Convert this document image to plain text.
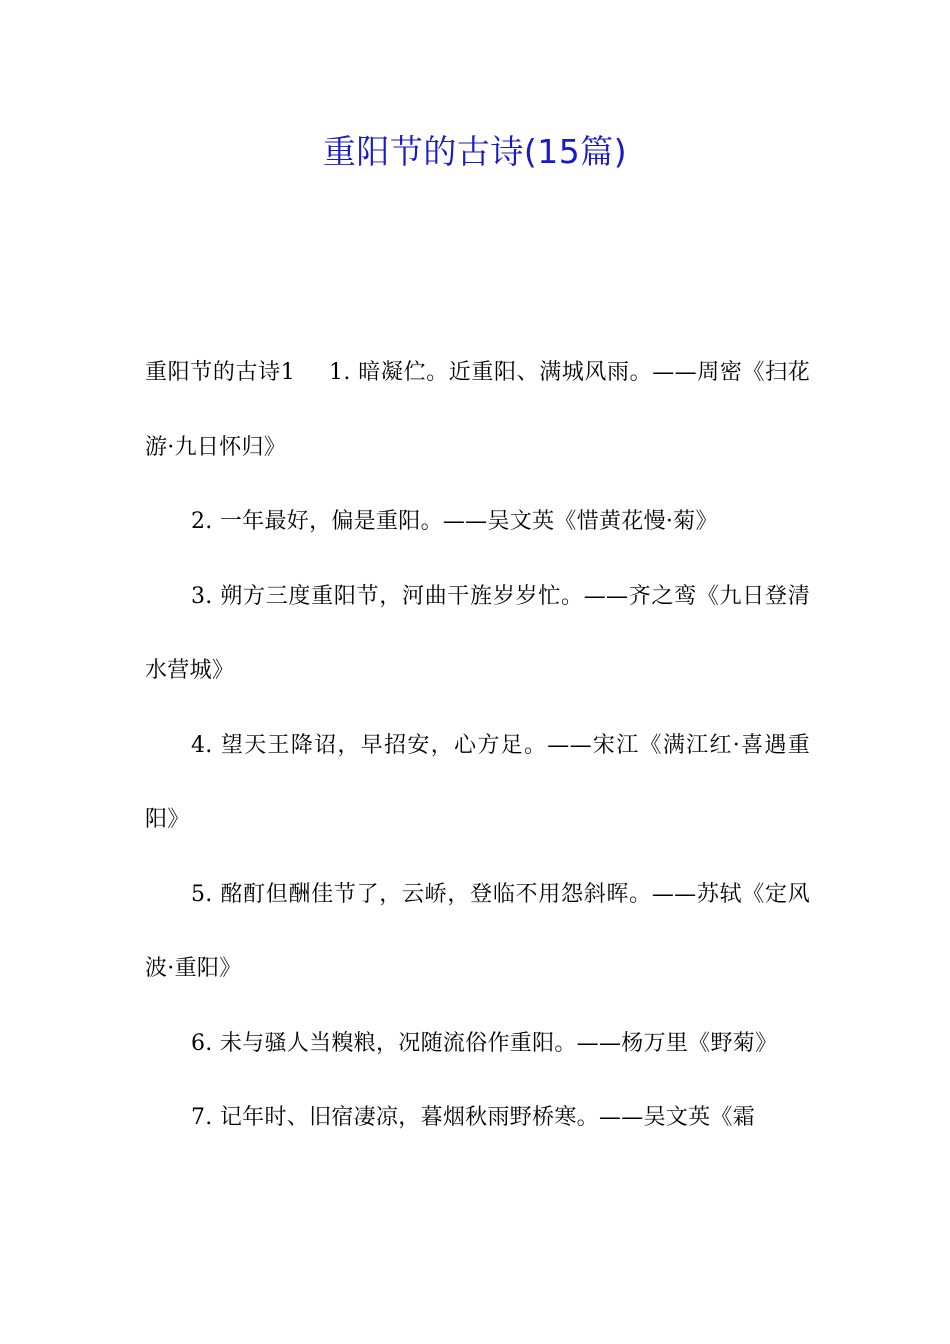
重阳节的古诗(15篇)

重阳节的古诗1 1. 暗凝伫。近重阳、满城风雨。——周密《扫花游·九日怀归》

2. 一年最好，偏是重阳。——吴文英《惜黄花慢·菊》

3. 朔方三度重阳节，河曲干旌岁岁忙。——齐之鸾《九日登清水营城》

4. 望天王降诏，早招安，心方足。——宋江《满江红·喜遇重阳》

5. 酩酊但酬佳节了，云峤，登临不用怨斜晖。——苏轼《定风波·重阳》

6. 未与骚人当糗粮，况随流俗作重阳。——杨万里《野菊》

7. 记年时、旧宿凄凉，暮烟秋雨野桥寒。——吴文英《霜
